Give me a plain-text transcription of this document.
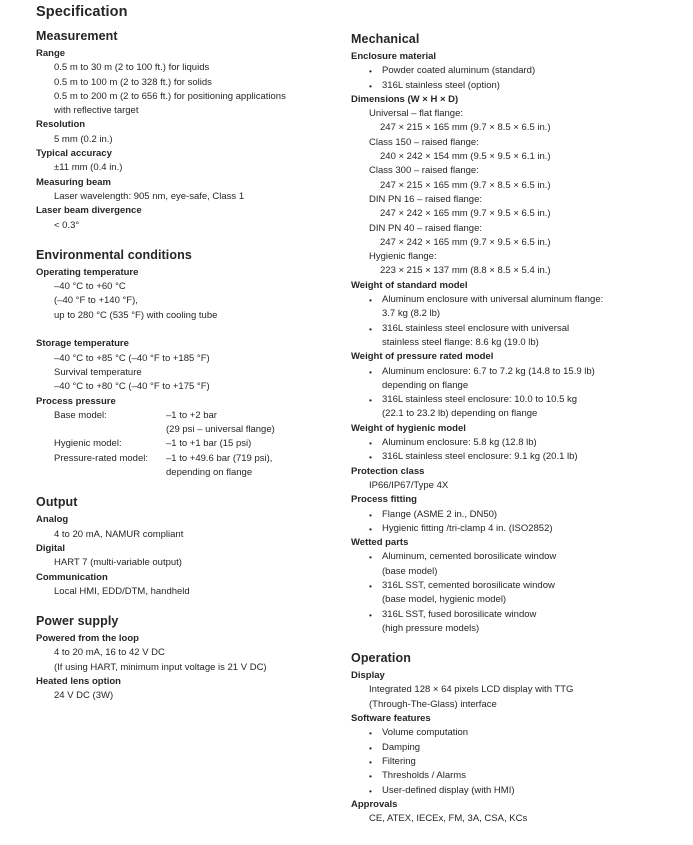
Specification
Measurement
Range
0.5 m to 30 m (2 to 100 ft.) for liquids
0.5 m to 100 m (2 to 328 ft.) for solids
0.5 m to 200 m (2 to 656 ft.) for positioning applications
with reflective target
Resolution
5 mm (0.2 in.)
Typical accuracy
±11 mm (0.4 in.)
Measuring beam
Laser wavelength: 905 nm, eye-safe, Class 1
Laser beam divergence
< 0.3°
Environmental conditions
Operating temperature
–40 °C to +60 °C
(–40 °F to +140 °F),
up to 280 °C (535 °F) with cooling tube
Storage temperature
–40 °C to +85 °C (–40 °F to +185 °F)
Survival temperature
–40 °C to +80 °C (–40 °F to +175 °F)
Process pressure
Base model:	–1 to +2 bar
(29 psi – universal flange)
Hygienic model:	–1 to +1 bar (15 psi)
Pressure-rated model:	–1 to +49.6 bar (719 psi),
depending on flange
Output
Analog
4 to 20 mA, NAMUR compliant
Digital
HART 7 (multi-variable output)
Communication
Local HMI, EDD/DTM, handheld
Power supply
Powered from the loop
4 to 20 mA, 16 to 42 V DC
(If using HART, minimum input voltage is 21 V DC)
Heated lens option
24 V DC (3W)
Mechanical
Enclosure material
•	Powder coated aluminum (standard)
•	316L stainless steel (option)
Dimensions (W × H × D)
Universal – flat flange:
247 × 215 × 165 mm (9.7 × 8.5 × 6.5 in.)
Class 150 – raised flange:
240 × 242 × 154 mm (9.5 × 9.5 × 6.1 in.)
Class 300 – raised flange:
247 × 215 × 165 mm (9.7 × 8.5 × 6.5 in.)
DIN PN 16 – raised flange:
247 × 242 × 165 mm (9.7 × 9.5 × 6.5 in.)
DIN PN 40 – raised flange:
247 × 242 × 165 mm (9.7 × 9.5 × 6.5 in.)
Hygienic flange:
223 × 215 × 137 mm (8.8 × 8.5 × 5.4 in.)
Weight of standard model
•	Aluminum enclosure with universal aluminum flange:
3.7 kg (8.2 lb)
•	316L stainless steel enclosure with universal
stainless steel flange: 8.6 kg (19.0 lb)
Weight of pressure rated model
•	Aluminum enclosure: 6.7 to 7.2 kg (14.8 to 15.9 lb)
depending on flange
•	316L stainless steel enclosure: 10.0 to 10.5 kg
(22.1 to 23.2 lb) depending on flange
Weight of hygienic model
•	Aluminum enclosure: 5.8 kg (12.8 lb)
•	316L stainless steel enclosure: 9.1 kg (20.1 lb)
Protection class
IP66/IP67/Type 4X
Process fitting
•	Flange (ASME 2 in., DN50)
•	Hygienic fitting /tri-clamp 4 in. (ISO2852)
Wetted parts
•	Aluminum, cemented borosilicate window
(base model)
•	316L SST, cemented borosilicate window
(base model, hygienic model)
•	316L SST, fused borosilicate window
(high pressure models)
Operation
Display
Integrated 128 × 64 pixels LCD display with TTG
(Through-The-Glass) interface
Software features
•	Volume computation
•	Damping
•	Filtering
•	Thresholds / Alarms
•	User-defined display (with HMI)
Approvals
CE, ATEX, IECEx, FM, 3A, CSA, KCs
